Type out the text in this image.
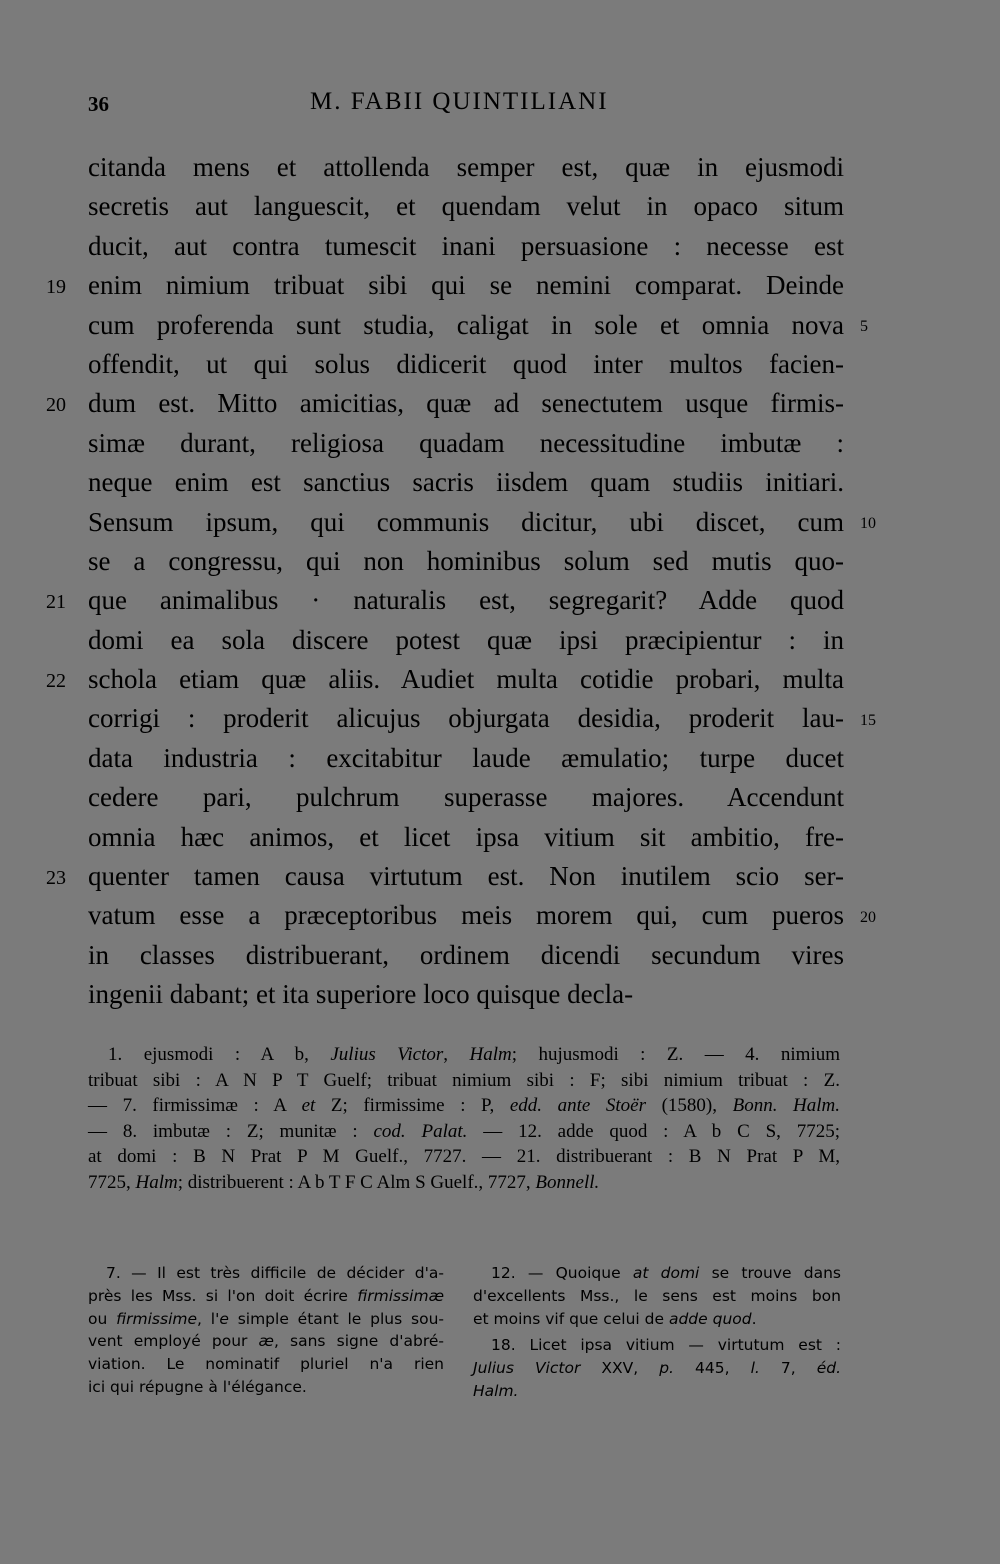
36	M. FABII QUINTILIANI
citanda mens et attollenda semper est, quæ in ejusmodi
secretis aut languescit, et quendam velut in opaco situm
ducit, aut contra tumescit inani persuasione : necesse est
enim nimium tribuat sibi qui se nemini comparat. Deinde
cum proferenda sunt studia, caligat in sole et omnia nova
offendit, ut qui solus didicerit quod inter multos facien-
dum est. Mitto amicitias, quæ ad senectutem usque firmis-
simæ durant, religiosa quadam necessitudine imbutæ :
neque enim est sanctius sacris iisdem quam studiis initiari.
Sensum ipsum, qui communis dicitur, ubi discet, cum
se a congressu, qui non hominibus solum sed mutis quo-
que animalibus · naturalis est, segregarit? Adde quod
domi ea sola discere potest quæ ipsi præcipientur : in
schola etiam quæ aliis. Audiet multa cotidie probari, multa
corrigi : proderit alicujus objurgata desidia, proderit lau-
data industria : excitabitur laude æmulatio; turpe ducet
cedere pari, pulchrum superasse majores. Accendunt
omnia hæc animos, et licet ipsa vitium sit ambitio, fre-
quenter tamen causa virtutum est. Non inutilem scio ser-
vatum esse a præceptoribus meis morem qui, cum pueros
in classes distribuerant, ordinem dicendi secundum vires
ingenii dabant; et ita superiore loco quisque decla-
19
20
21
22
23
5
10
15
20
1. ejusmodi : A b, Julius Victor, Halm; hujusmodi : Z. — 4. nimium
tribuat sibi : A N P T Guelf; tribuat nimium sibi : F; sibi nimium tribuat : Z.
— 7. firmissimæ : A et Z; firmissime : P, edd. ante Stoër (1580), Bonn. Halm.
— 8. imbutæ : Z; munitæ : cod. Palat. — 12. adde quod : A b C S, 7725;
at domi : B N Prat P M Guelf., 7727. — 21. distribuerant : B N Prat P M,
7725, Halm; distribuerent : A b T F C Alm S Guelf., 7727, Bonnell.
7. — Il est très difficile de décider d'a-
près les Mss. si l'on doit écrire firmissimæ
ou firmissime, l'e simple étant le plus sou-
vent employé pour æ, sans signe d'abré-
viation. Le nominatif pluriel n'a rien
ici qui répugne à l'élégance.
12. — Quoique at domi se trouve dans
d'excellents Mss., le sens est moins bon
et moins vif que celui de adde quod.
18. Licet ipsa vitium — virtutum est :
Julius Victor XXV, p. 445, l. 7, éd.
Halm.
